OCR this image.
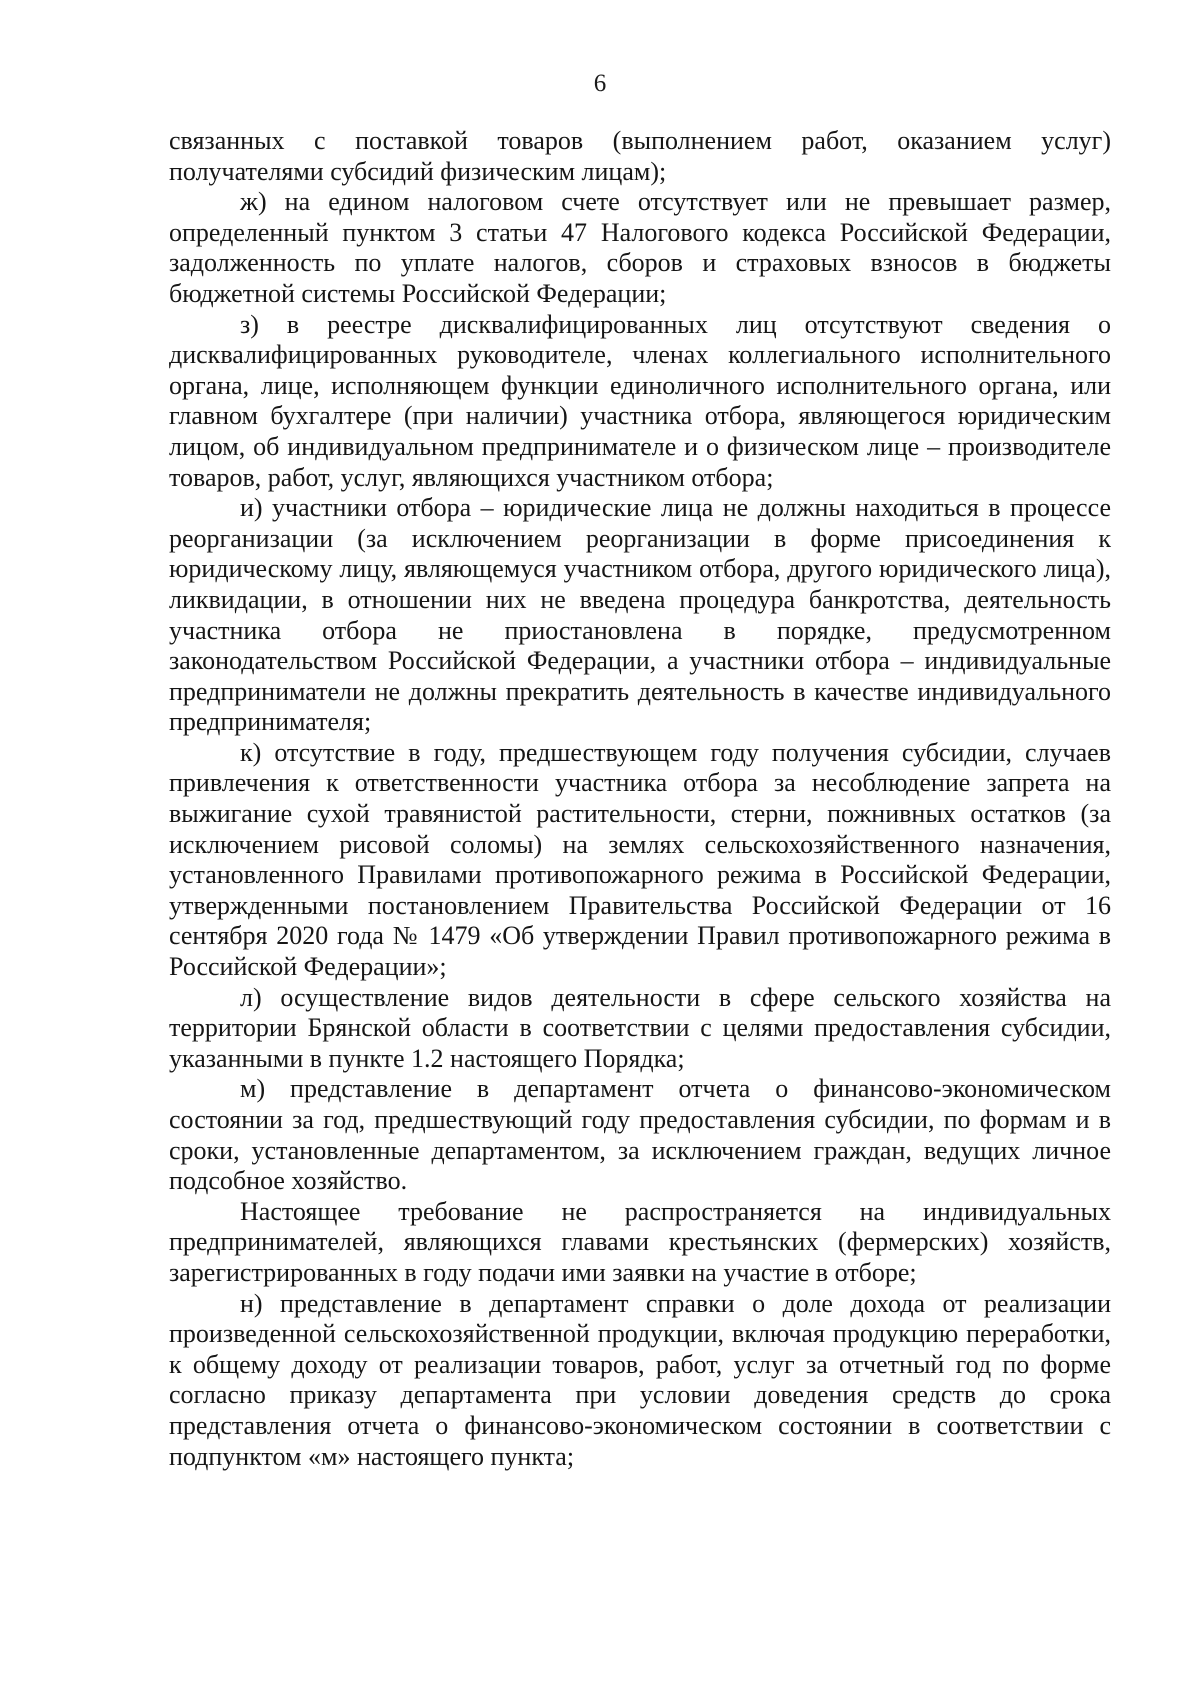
6

связанных с поставкой товаров (выполнением работ, оказанием услуг) получателями субсидий физическим лицам);

ж) на едином налоговом счете отсутствует или не превышает размер, определенный пунктом 3 статьи 47 Налогового кодекса Российской Федерации, задолженность по уплате налогов, сборов и страховых взносов в бюджеты бюджетной системы Российской Федерации;

з) в реестре дисквалифицированных лиц отсутствуют сведения о дисквалифицированных руководителе, членах коллегиального исполнительного органа, лице, исполняющем функции единоличного исполнительного органа, или главном бухгалтере (при наличии) участника отбора, являющегося юридическим лицом, об индивидуальном предпринимателе и о физическом лице – производителе товаров, работ, услуг, являющихся участником отбора;

и) участники отбора – юридические лица не должны находиться в процессе реорганизации (за исключением реорганизации в форме присоединения к юридическому лицу, являющемуся участником отбора, другого юридического лица), ликвидации, в отношении них не введена процедура банкротства, деятельность участника отбора не приостановлена в порядке, предусмотренном законодательством Российской Федерации, а участники отбора – индивидуальные предприниматели не должны прекратить деятельность в качестве индивидуального предпринимателя;

к) отсутствие в году, предшествующем году получения субсидии, случаев привлечения к ответственности участника отбора за несоблюдение запрета на выжигание сухой травянистой растительности, стерни, пожнивных остатков (за исключением рисовой соломы) на землях сельскохозяйственного назначения, установленного Правилами противопожарного режима в Российской Федерации, утвержденными постановлением Правительства Российской Федерации от 16 сентября 2020 года № 1479 «Об утверждении Правил противопожарного режима в Российской Федерации»;

л) осуществление видов деятельности в сфере сельского хозяйства на территории Брянской области в соответствии с целями предоставления субсидии, указанными в пункте 1.2 настоящего Порядка;

м) представление в департамент отчета о финансово-экономическом состоянии за год, предшествующий году предоставления субсидии, по формам и в сроки, установленные департаментом, за исключением граждан, ведущих личное подсобное хозяйство.

Настоящее требование не распространяется на индивидуальных предпринимателей, являющихся главами крестьянских (фермерских) хозяйств, зарегистрированных в году подачи ими заявки на участие в отборе;

н) представление в департамент справки о доле дохода от реализации произведенной сельскохозяйственной продукции, включая продукцию переработки, к общему доходу от реализации товаров, работ, услуг за отчетный год по форме согласно приказу департамента при условии доведения средств до срока представления отчета о финансово-экономическом состоянии в соответствии с подпунктом «м» настоящего пункта;
